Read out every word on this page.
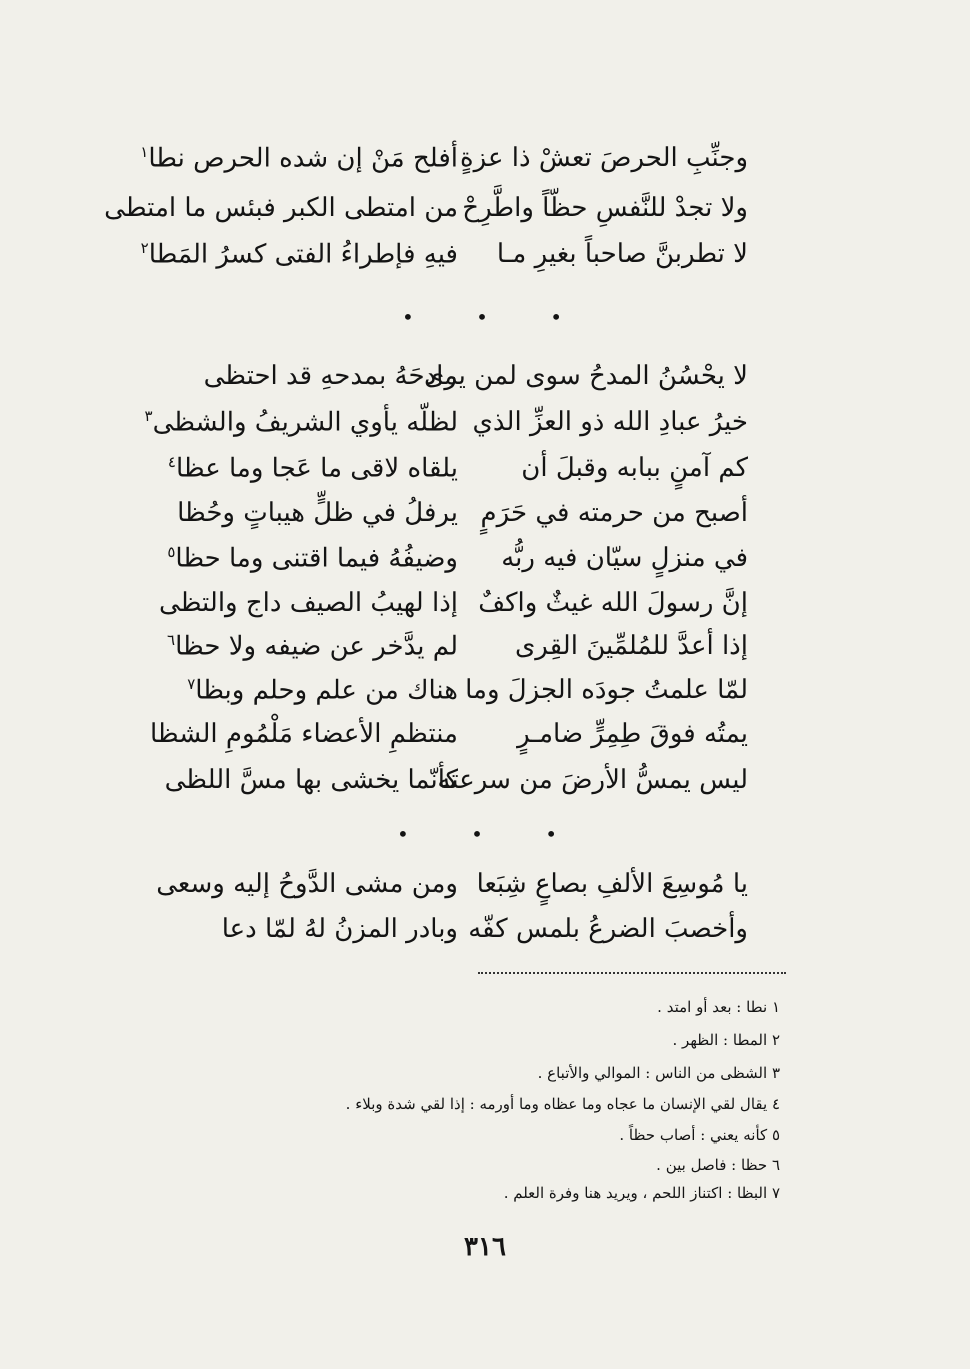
وجنِّبِ الحرصَ تعشْ ذا عزةٍ
أفلح مَنْ إن شده الحرص نطا$^١$
ولا تجدْ للنَّفسِ حظّاً واطَّرِحْ
من امتطى الكبر فبئس ما امتطى
لا تطربنَّ صاحباً بغيرِ مـا
فيهِ فإطراءُ الفتى كسرُ المَطا$^٢$
• • •
لا يحْسُنُ المدحُ سوى لمن يرى
مادحَهُ بمدحهِ قد احتظى
خيرُ عبادِ الله ذو العزِّ الذي
لظلّه يأوي الشريفُ والشظى$^٣$
كم آمنٍ ببابه وقبلَ أن
يلقاه لاقى ما عَجا وما عظا$^٤$
أصبح من حرمته في حَرَمٍ
يرفلُ في ظلٍّ هيباتٍ وحُظا
في منزلٍ سيّان فيه ربُّه
وضيفُهُ فيما اقتنى وما حظا$^٥$
إنَّ رسولَ الله غيثٌ واكفٌ
إذا لهيبُ الصيف داج والتظى
إذا أعدَّ للمُلمِّينَ القِرى
لم يدَّخر عن ضيفه ولا حظا$^٦$
لمّا علمتُ جودَه الجزلَ وما
هناك من علم وحلم وبظا$^٧$
يمتُه فوقَ طِمِرٍّ ضامـرٍ
منتظمِ الأعضاء مَلْمُومِ الشظا
ليس يمسُّ الأرضَ من سرعته
كأنّما يخشى بها مسَّ اللظى
• • •
يا مُوسِعَ الألفِ بصاعٍ شِبَعا
ومن مشى الدَّوحُ إليه وسعى
وأخصبَ الضرعُ بلمس كفّه
وبادر المزنُ لهُ لمّا دعا
١ نطا : بعد أو امتد .
٢ المطا : الظهر .
٣ الشظى من الناس : الموالي والأتباع .
٤ يقال لقي الإنسان ما عجاه وما عظاه وما أورمه : إذا لقي شدة وبلاء .
٥ كأنه يعني : أصاب حظاً .
٦ حظا : فاصل بين .
٧ البظا : اكتناز اللحم ، ويريد هنا وفرة العلم .
٣١٦
